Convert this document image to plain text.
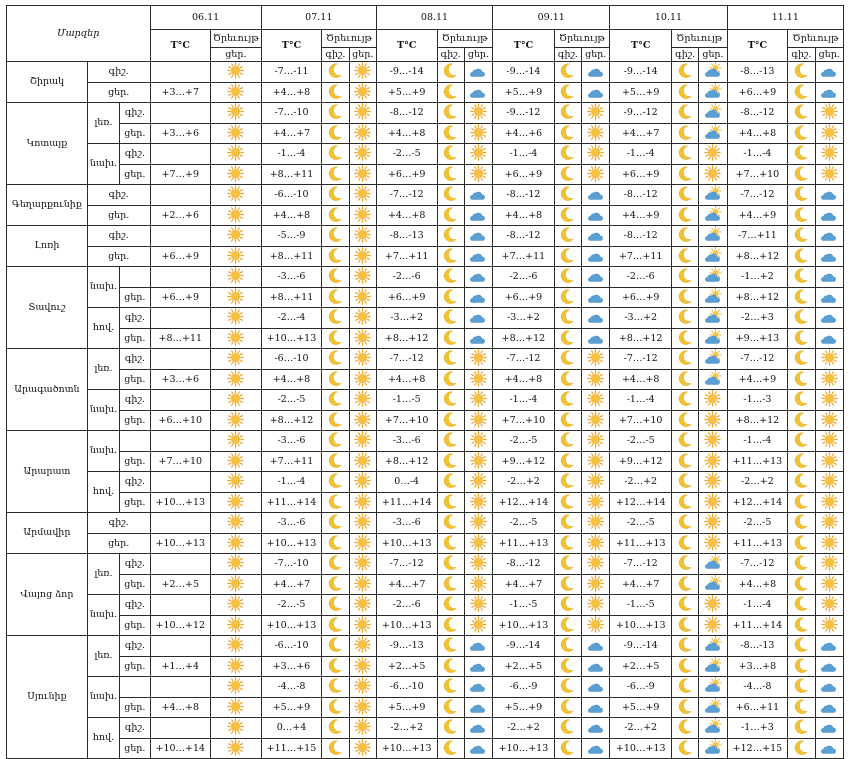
Մարզեր			06.11		07.11			08.11			09.11			10.11			11.11		
			T°C	Ծրեւույթ	T°C	Ծրեւույթ		T°C	Ծրեւույթ		T°C	Ծրեւույթ		T°C	Ծրեւույթ		T°C	Ծրեւույթ	
				ցեր.		գիշ.	ցեր.		գիշ.	ցեր.		գիշ.	ցեր.		գիշ.	ցեր.		գիշ.	ցեր.
Շիրակ	գիշ.				-7…-11			-9…-14			-9…-14			-9…-14			-8…-13	

	ցեր.		+3…+7		+4…+8			+5…+9			+5…+9			+5…+9			+6…+9	

Կոտայք	լեռ.	գիշ.			-7…-10			-8…-12			-9…-12			-9…-12			-8…-12	

		ցեր.	+3…+6		+4…+7			+4…+8			+4…+6			+4…+7			+4…+8	

	նախ.	գիշ.			-1…-4			-2…-5			-1…-4			-1…-4			-1…-4	

		ցեր.	+7…+9		+8…+11			+6…+9			+6…+9			+6…+9			+7…+10	

Գեղարքունիք	գիշ.				-6…-10			-7…-12			-8…-12			-8…-12			-7…-12	

	ցեր.		+2…+6		+4…+8			+4…+8			+4…+8			+4…+9			+4…+9	

Լոռի	գիշ.				-5…-9			-8…-13			-8…-12			-8…-12			-7…+11	

	ցեր.		+6…+9		+8…+11			+7…+11			+7…+11			+7…+11			+8…+12	

Տավուշ	նախ.				-3…-6			-2…-6			-2…-6			-2…-6			-1…+2	

		ցեր.	+6…+9		+8…+11			+6…+9			+6…+9			+6…+9			+8…+12	

	հով.	գիշ.			-2…-4			-3…+2			-3…+2			-3…+2			-2…+3	

		ցեր.	+8…+11		+10…+13			+8…+12			+8…+12			+8…+12			+9…+13	

Արագածոտն	լեռ.	գիշ.			-6…-10			-7…-12			-7…-12			-7…-12			-7…-12	

		ցեր.	+3…+6		+4…+8			+4…+8			+4…+8			+4…+8			+4…+9	

	նախ.	գիշ.			-2…-5			-1…-5			-1…-4			-1…-4			-1…-3	

		ցեր.	+6…+10		+8…+12			+7…+10			+7…+10			+7…+10			+8…+12	

Արարատ	նախ.				-3…-6			-3…-6			-2…-5			-2…-5			-1…-4	

		ցեր.	+7…+10		+7…+11			+8…+12			+9…+12			+9…+12			+11…+13	

	հով.	գիշ.			-1…-4			0…-4			-2…+2			-2…+2			-2…+2	

		ցեր.	+10…+13		+11…+14			+11…+14			+12…+14			+12…+14			+12…+14	

Արմավիր	գիշ.				-3…-6			-3…-6			-2…-5			-2…-5			-2…-5	

	ցեր.		+10…+13		+10…+13			+10…+13			+11…+13			+11…+13			+11…+13	

Վայոց ձոր	լեռ.	գիշ.			-7…-10			-7…-12			-8…-12			-7…-12			-7…-12	

		ցեր.	+2…+5		+4…+7			+4…+7			+4…+7			+4…+7			+4…+8	

	նախ.	գիշ.			-2…-5			-2…-6			-1…-5			-1…-5			-1…-4	

		ցեր.	+10…+12		+10…+13			+10…+13			+10…+13			+10…+13			+11…+14	

Սյունիք	լեռ.	գիշ.			-6…-10			-9…-13			-9…-14			-9…-14			-8…-13	

		ցեր.	+1…+4		+3…+6			+2…+5			+2…+5			+2…+5			+3…+8	

	նախ.				-4…-8			-6…-10			-6…-9			-6…-9			-4…-8	

		ցեր.	+4…+8		+5…+9			+5…+9			+5…+9			+5…+9			+6…+11	

	հով.	գիշ.			0…+4			-2…+2			-2…+2			-2…+2			-1…+3	

		ցեր.	+10…+14		+11…+15			+10…+13			+10…+13			+10…+13			+12…+15	
